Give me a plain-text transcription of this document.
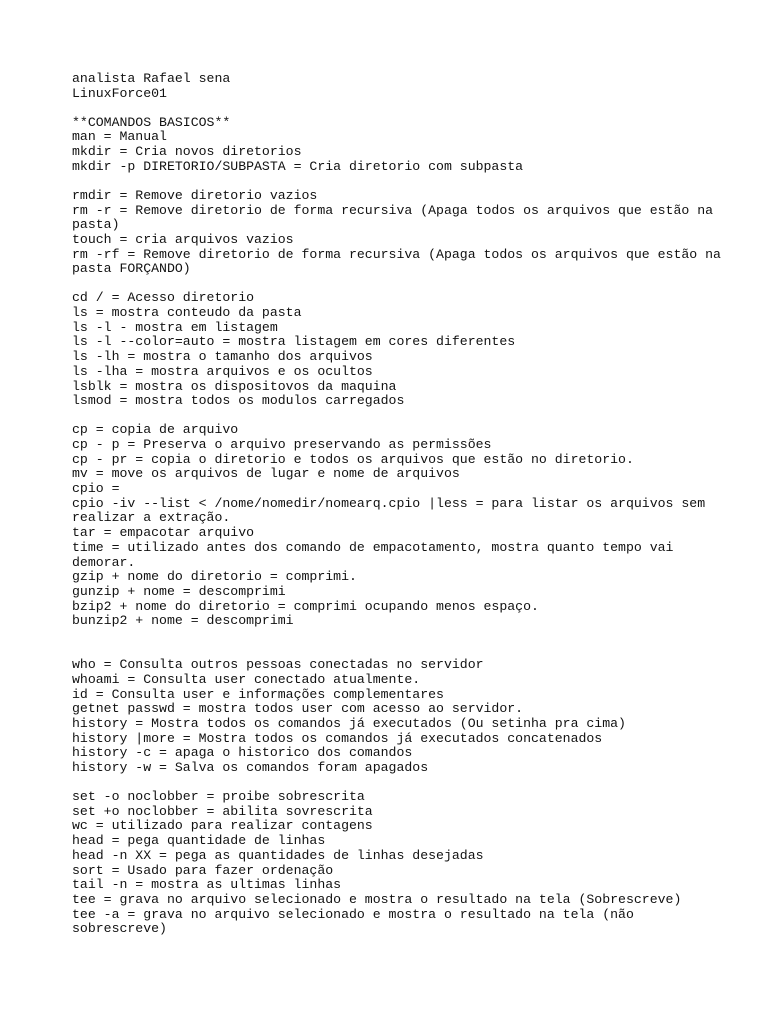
analista Rafael sena
LinuxForce01
**COMANDOS BASICOS**
man = Manual
mkdir = Cria novos diretorios
mkdir -p DIRETORIO/SUBPASTA = Cria diretorio com subpasta
rmdir = Remove diretorio vazios
rm -r = Remove diretorio de forma recursiva (Apaga todos os arquivos que estão na
pasta)
touch = cria arquivos vazios
rm -rf = Remove diretorio de forma recursiva (Apaga todos os arquivos que estão na
pasta FORÇANDO)
cd / = Acesso diretorio
ls = mostra conteudo da pasta
ls -l - mostra em listagem
ls -l --color=auto = mostra listagem em cores diferentes
ls -lh = mostra o tamanho dos arquivos
ls -lha = mostra arquivos e os ocultos
lsblk = mostra os dispositovos da maquina
lsmod = mostra todos os modulos carregados
cp = copia de arquivo
cp - p = Preserva o arquivo preservando as permissões
cp - pr = copia o diretorio e todos os arquivos que estão no diretorio.
mv = move os arquivos de lugar e nome de arquivos
cpio =
cpio -iv --list < /nome/nomedir/nomearq.cpio |less = para listar os arquivos sem
realizar a extração.
tar = empacotar arquivo
time = utilizado antes dos comando de empacotamento, mostra quanto tempo vai
demorar.
gzip + nome do diretorio = comprimi.
gunzip + nome = descomprimi
bzip2 + nome do diretorio = comprimi ocupando menos espaço.
bunzip2 + nome = descomprimi
who = Consulta outros pessoas conectadas no servidor
whoami = Consulta user conectado atualmente.
id = Consulta user e informações complementares
getnet passwd = mostra todos user com acesso ao servidor.
history = Mostra todos os comandos já executados (Ou setinha pra cima)
history |more = Mostra todos os comandos já executados concatenados
history -c = apaga o historico dos comandos
history -w = Salva os comandos foram apagados
set -o noclobber = proibe sobrescrita
set +o noclobber = abilita sovrescrita
wc = utilizado para realizar contagens
head = pega quantidade de linhas
head -n XX = pega as quantidades de linhas desejadas
sort = Usado para fazer ordenação
tail -n = mostra as ultimas linhas
tee = grava no arquivo selecionado e mostra o resultado na tela (Sobrescreve)
tee -a = grava no arquivo selecionado e mostra o resultado na tela (não
sobrescreve)
